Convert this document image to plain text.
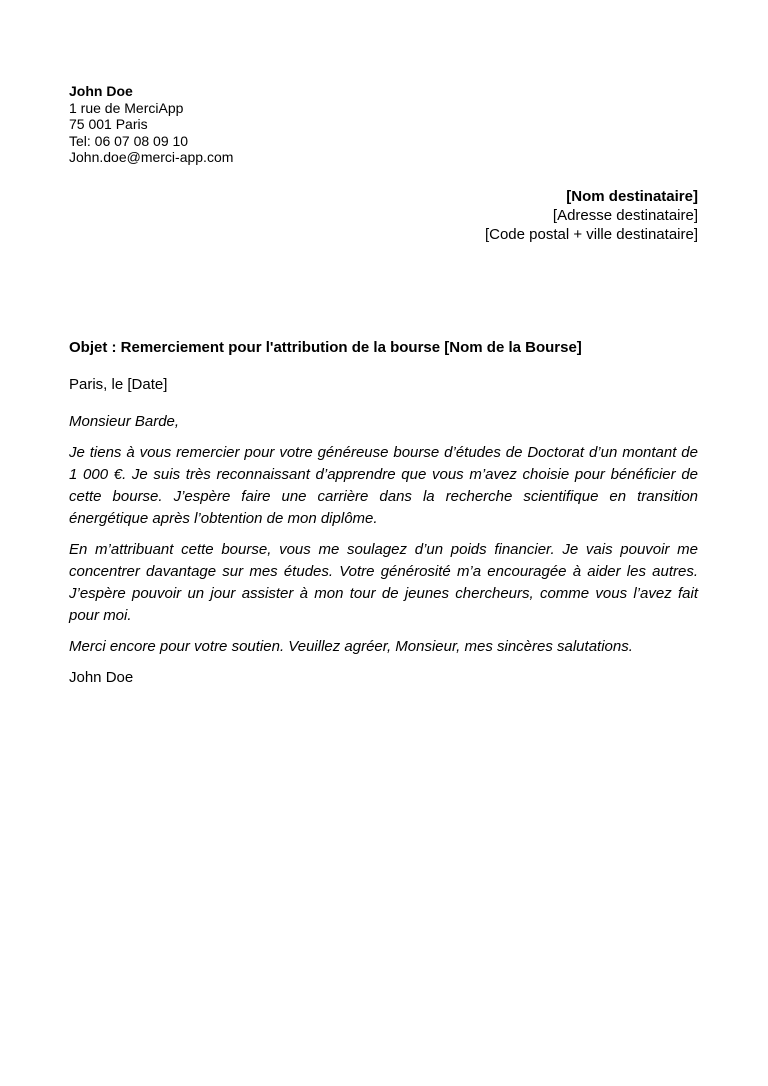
John Doe
1 rue de MerciApp
75 001 Paris
Tel: 06 07 08 09 10
John.doe@merci-app.com
[Nom destinataire]
[Adresse destinataire]
[Code postal + ville destinataire]
Objet : Remerciement pour l'attribution de la bourse [Nom de la Bourse]
Paris, le [Date]
Monsieur Barde,
Je tiens à vous remercier pour votre généreuse bourse d’études de Doctorat d’un montant de 1 000 €. Je suis très reconnaissant d’apprendre que vous m’avez choisie pour bénéficier de cette bourse. J’espère faire une carrière dans la recherche scientifique en transition énergétique après l’obtention de mon diplôme.
En m’attribuant cette bourse, vous me soulagez d’un poids financier. Je vais pouvoir me concentrer davantage sur mes études. Votre générosité m’a encouragée à aider les autres. J’espère pouvoir un jour assister à mon tour de jeunes chercheurs, comme vous l’avez fait pour moi.
Merci encore pour votre soutien. Veuillez agréer, Monsieur, mes sincères salutations.
John Doe
